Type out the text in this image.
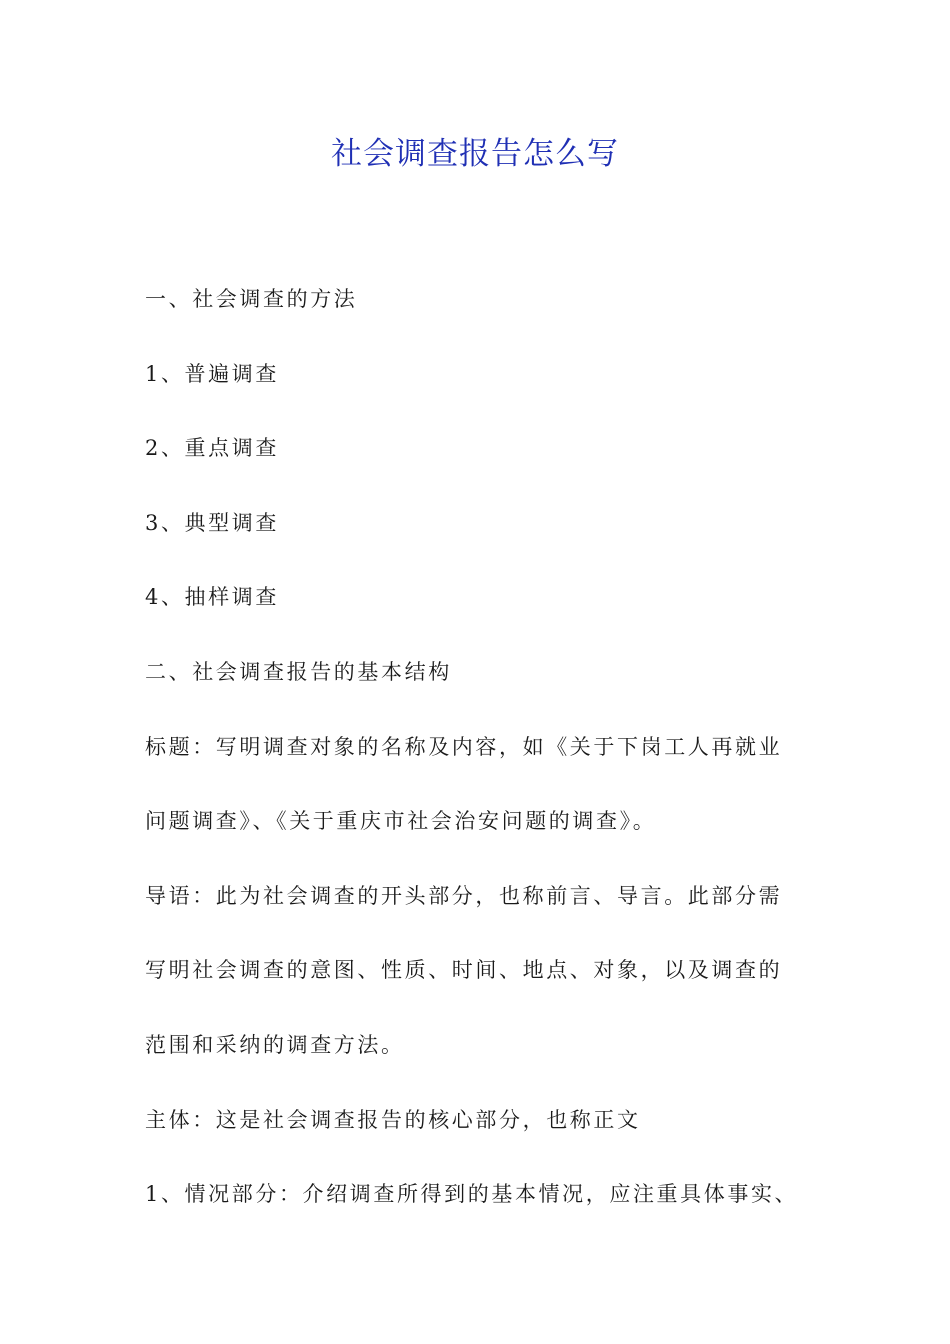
社会调查报告怎么写

一、社会调查的方法

1、普遍调查

2、重点调查

3、典型调查

4、抽样调查

二、社会调查报告的基本结构

标题：写明调查对象的名称及内容，如《关于下岗工人再就业

问题调查》、《关于重庆市社会治安问题的调查》。

导语：此为社会调查的开头部分，也称前言、导言。此部分需

写明社会调查的意图、性质、时间、地点、对象，以及调查的

范围和采纳的调查方法。

主体：这是社会调查报告的核心部分，也称正文

1、情况部分：介绍调查所得到的基本情况，应注重具体事实、
